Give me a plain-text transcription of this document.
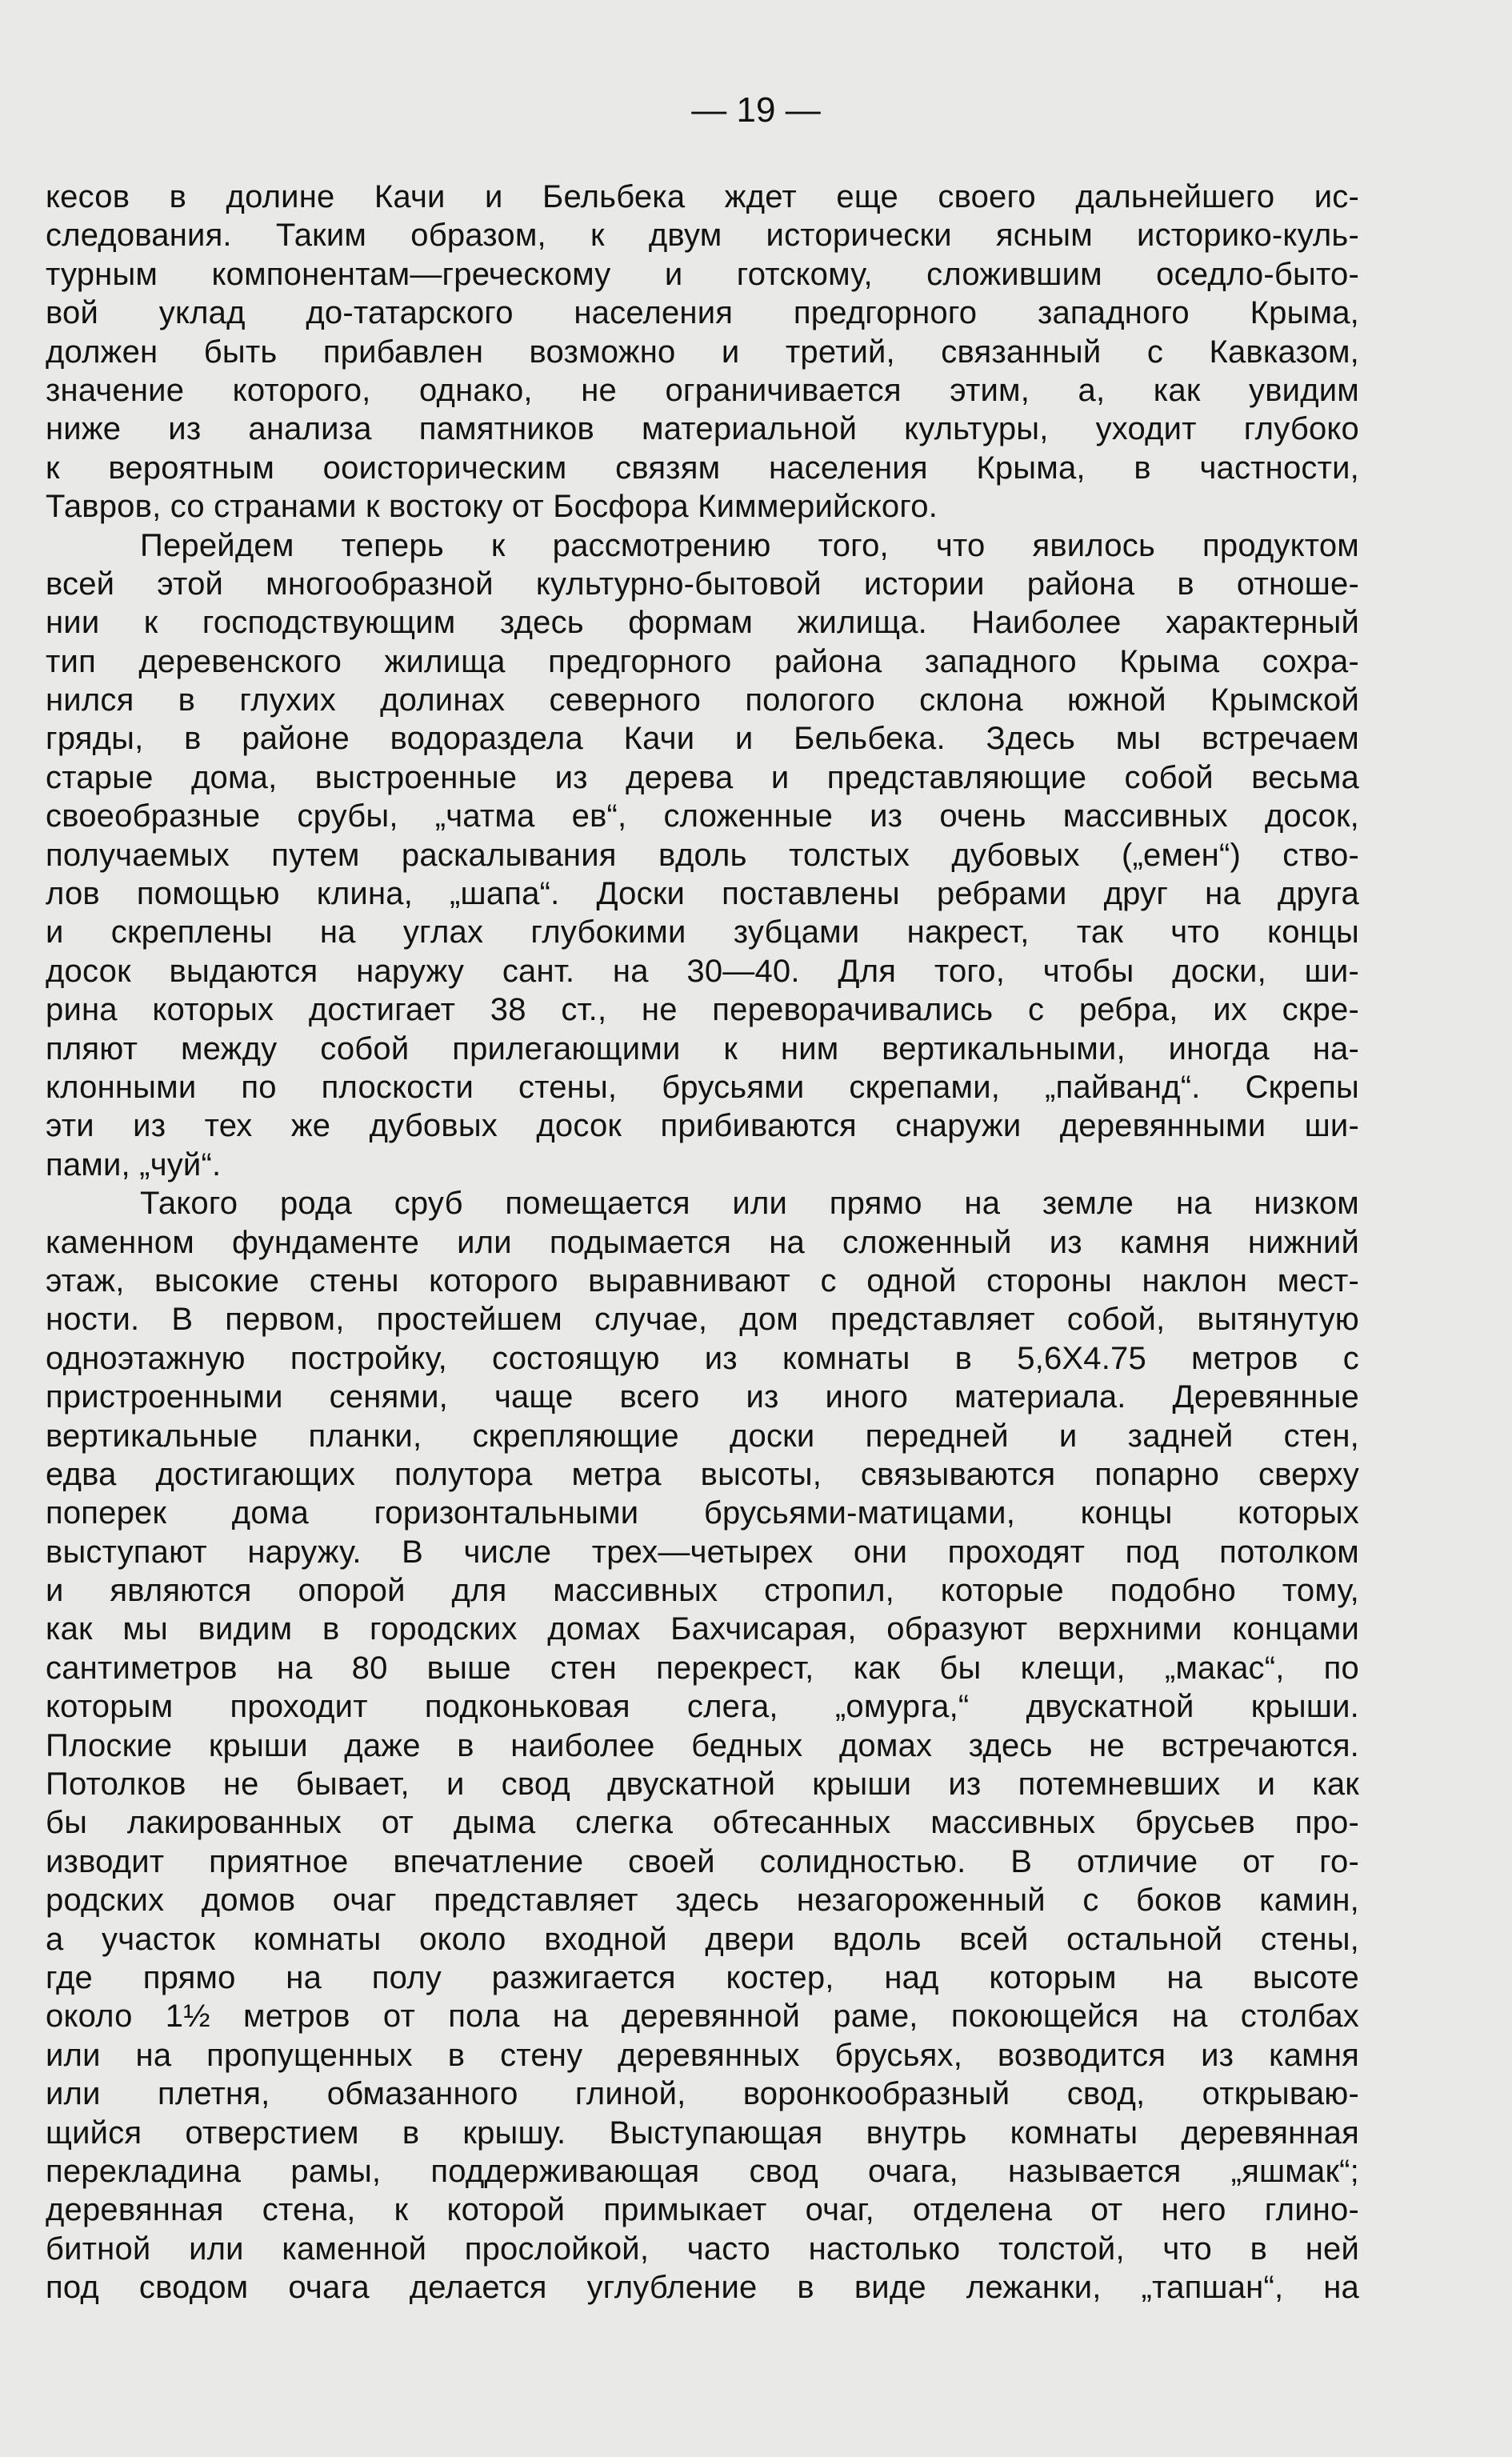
— 19 —
кесов в долине Качи и Бельбека ждет еще своего дальнейшего ис-
следования. Таким образом, к двум исторически ясным историко-куль-
турным компонентам—греческому и готскому, сложившим оседло-быто-
вой уклад до-татарского населения предгорного западного Крыма,
должен быть прибавлен возможно и третий, связанный с Кавказом,
значение которого, однако, не ограничивается этим, а, как увидим
ниже из анализа памятников материальной культуры, уходит глубоко
к вероятным ооисторическим связям населения Крыма, в частности,
Тавров, со странами к востоку от Босфора Киммерийского.
Перейдем теперь к рассмотрению того, что явилось продуктом
всей этой многообразной культурно-бытовой истории района в отноше-
нии к господствующим здесь формам жилища. Наиболее характерный
тип деревенского жилища предгорного района западного Крыма сохра-
нился в глухих долинах северного пологого склона южной Крымской
гряды, в районе водораздела Качи и Бельбека. Здесь мы встречаем
старые дома, выстроенные из дерева и представляющие собой весьма
своеобразные срубы, „чатма ев“, сложенные из очень массивных досок,
получаемых путем раскалывания вдоль толстых дубовых („емен“) ство-
лов помощью клина, „шапа“. Доски поставлены ребрами друг на друга
и скреплены на углах глубокими зубцами накрест, так что концы
досок выдаются наружу сант. на 30—40. Для того, чтобы доски, ши-
рина которых достигает 38 ст., не переворачивались с ребра, их скре-
пляют между собой прилегающими к ним вертикальными, иногда на-
клонными по плоскости стены, брусьями скрепами, „пайванд“. Скрепы
эти из тех же дубовых досок прибиваются снаружи деревянными ши-
пами, „чуй“.
Такого рода сруб помещается или прямо на земле на низком
каменном фундаменте или подымается на сложенный из камня нижний
этаж, высокие стены которого выравнивают с одной стороны наклон мест-
ности. В первом, простейшем случае, дом представляет собой, вытянутую
одноэтажную постройку, состоящую из комнаты в 5,6Х4.75 метров с
пристроенными сенями, чаще всего из иного материала. Деревянные
вертикальные планки, скрепляющие доски передней и задней стен,
едва достигающих полутора метра высоты, связываются попарно сверху
поперек дома горизонтальными брусьями-матицами, концы которых
выступают наружу. В числе трех—четырех они проходят под потолком
и являются опорой для массивных стропил, которые подобно тому,
как мы видим в городских домах Бахчисарая, образуют верхними концами
сантиметров на 80 выше стен перекрест, как бы клещи, „макас“, по
которым проходит подконьковая слега, „омурга,“ двускатной крыши.
Плоские крыши даже в наиболее бедных домах здесь не встречаются.
Потолков не бывает, и свод двускатной крыши из потемневших и как
бы лакированных от дыма слегка обтесанных массивных брусьев про-
изводит приятное впечатление своей солидностью. В отличие от го-
родских домов очаг представляет здесь незагороженный с боков камин,
а участок комнаты около входной двери вдоль всей остальной стены,
где прямо на полу разжигается костер, над которым на высоте
около 1½ метров от пола на деревянной раме, покоющейся на столбах
или на пропущенных в стену деревянных брусьях, возводится из камня
или плетня, обмазанного глиной, воронкообразный свод, открываю-
щийся отверстием в крышу. Выступающая внутрь комнаты деревянная
перекладина рамы, поддерживающая свод очага, называется „яшмак“;
деревянная стена, к которой примыкает очаг, отделена от него глино-
битной или каменной прослойкой, часто настолько толстой, что в ней
под сводом очага делается углубление в виде лежанки, „тапшан“, на
